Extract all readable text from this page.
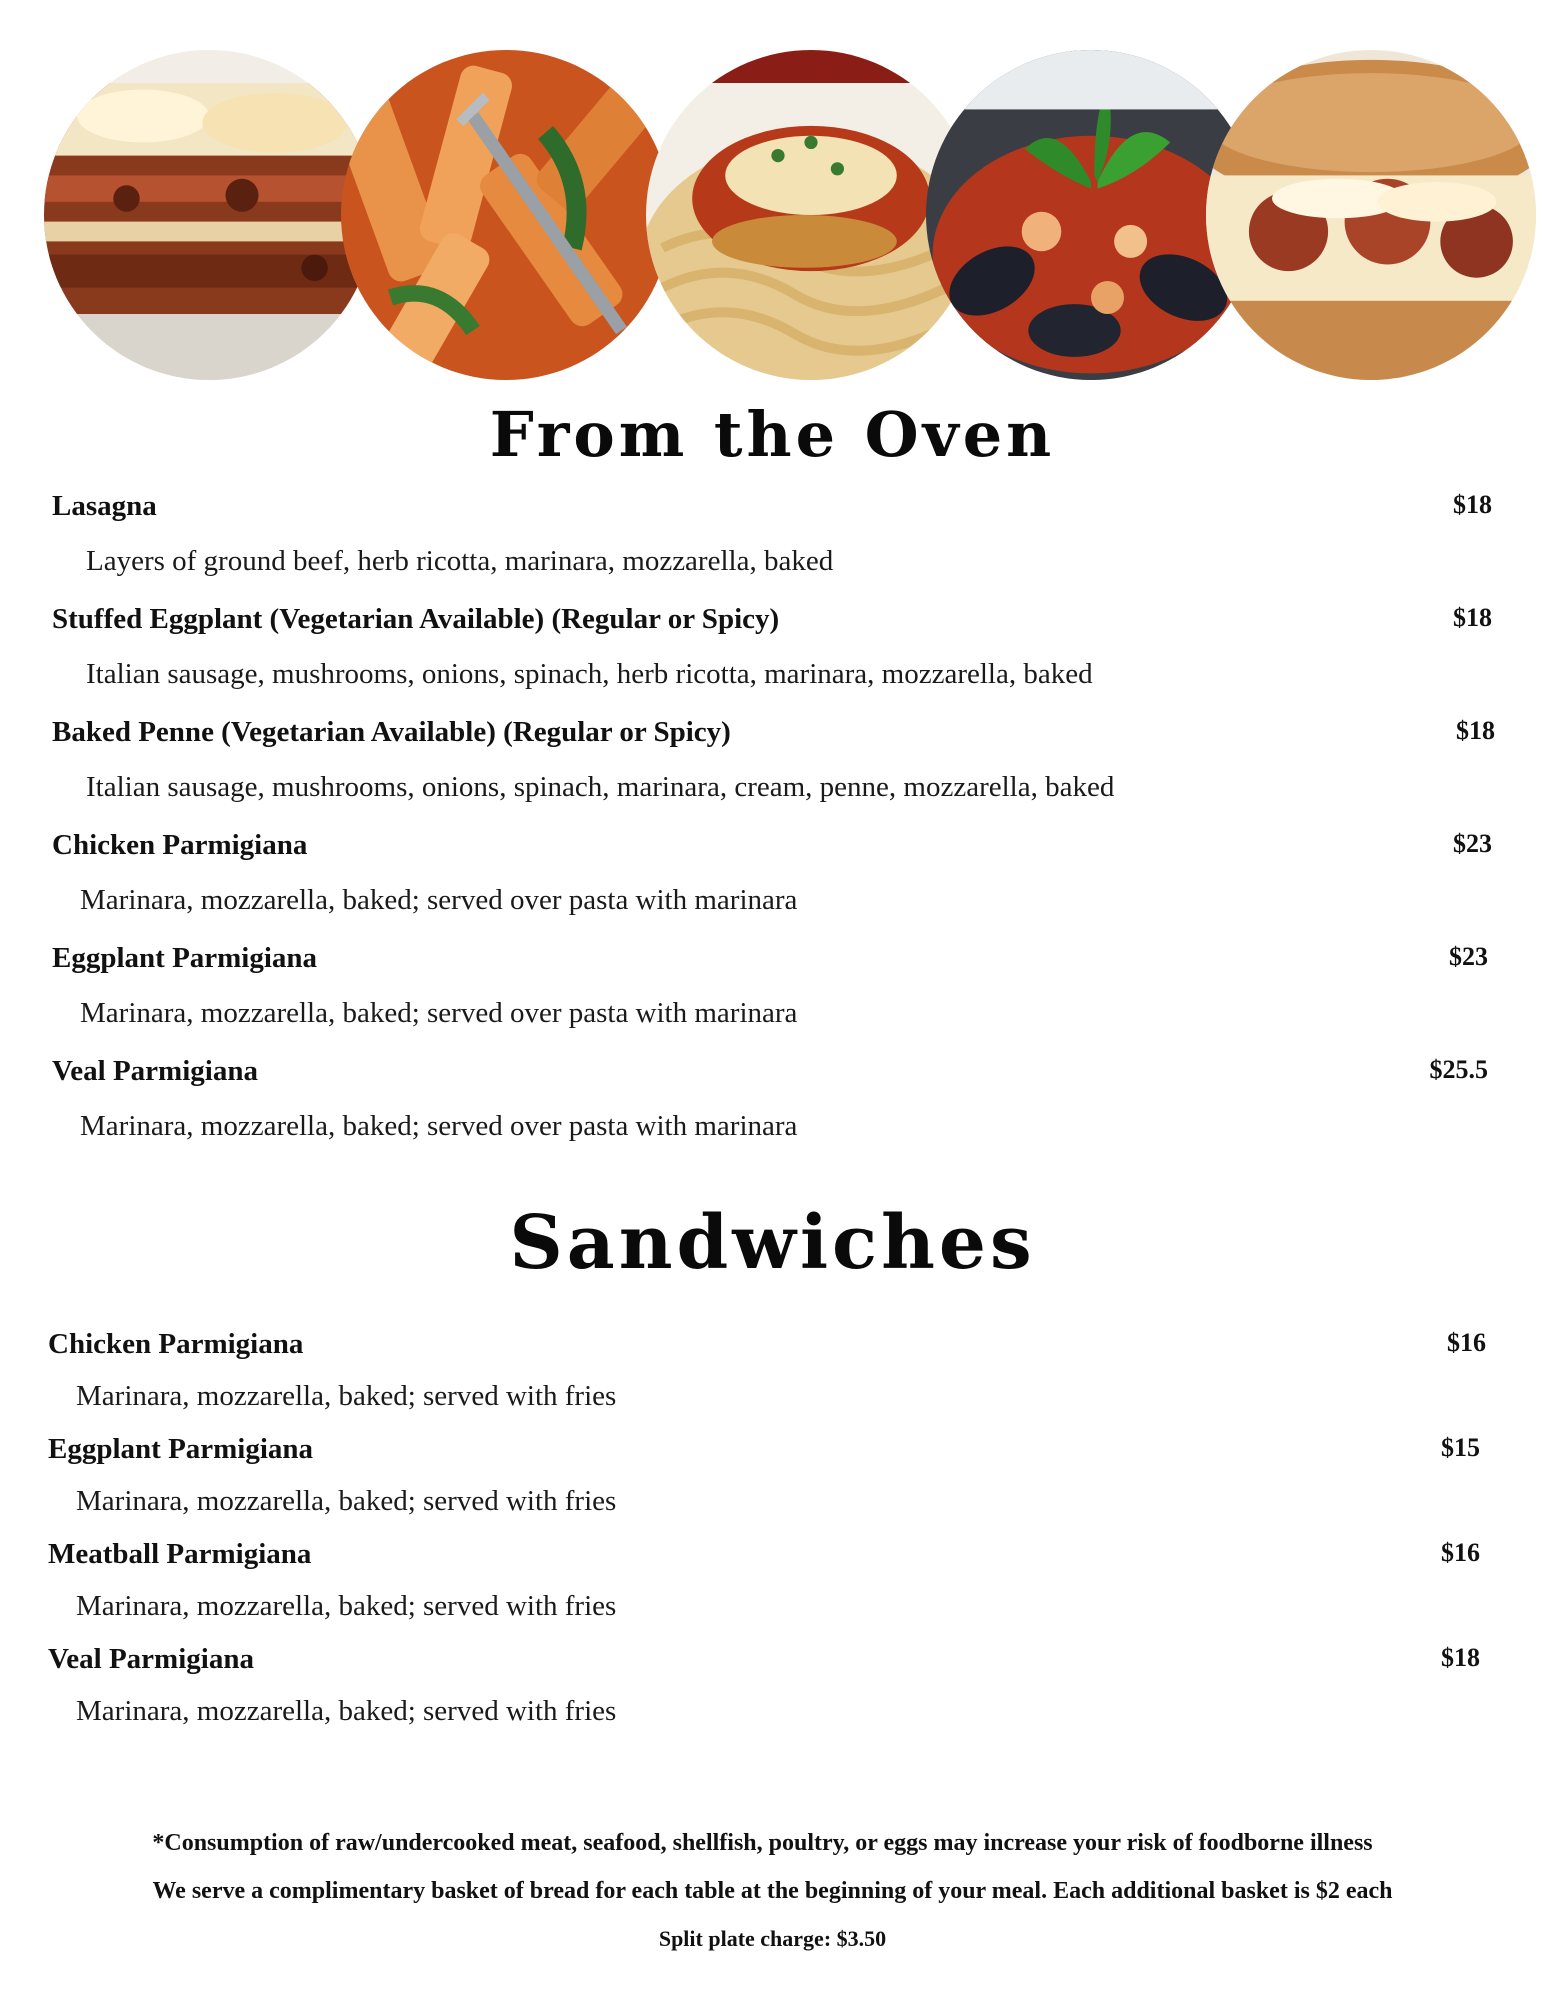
From the Oven
Lasagna	$18
Layers of ground beef, herb ricotta, marinara, mozzarella, baked
Stuffed Eggplant (Vegetarian Available) (Regular or Spicy)	$18
Italian sausage, mushrooms, onions, spinach, herb ricotta, marinara, mozzarella, baked
Baked Penne (Vegetarian Available) (Regular or Spicy)	$18
Italian sausage, mushrooms, onions, spinach, marinara, cream, penne, mozzarella, baked
Chicken Parmigiana	$23
Marinara, mozzarella, baked; served over pasta with marinara
Eggplant Parmigiana	$23
Marinara, mozzarella, baked; served over pasta with marinara
Veal Parmigiana	$25.5
Marinara, mozzarella, baked; served over pasta with marinara
Sandwiches
Chicken Parmigiana	$16
Marinara, mozzarella, baked; served with fries
Eggplant Parmigiana	$15
Marinara, mozzarella, baked; served with fries
Meatball Parmigiana	$16
Marinara, mozzarella, baked; served with fries
Veal Parmigiana	$18
Marinara, mozzarella, baked; served with fries
*Consumption of raw/undercooked meat, seafood, shellfish, poultry, or eggs may increase your risk of foodborne illness
We serve a complimentary basket of bread for each table at the beginning of your meal. Each additional basket is $2 each
Split plate charge: $3.50
